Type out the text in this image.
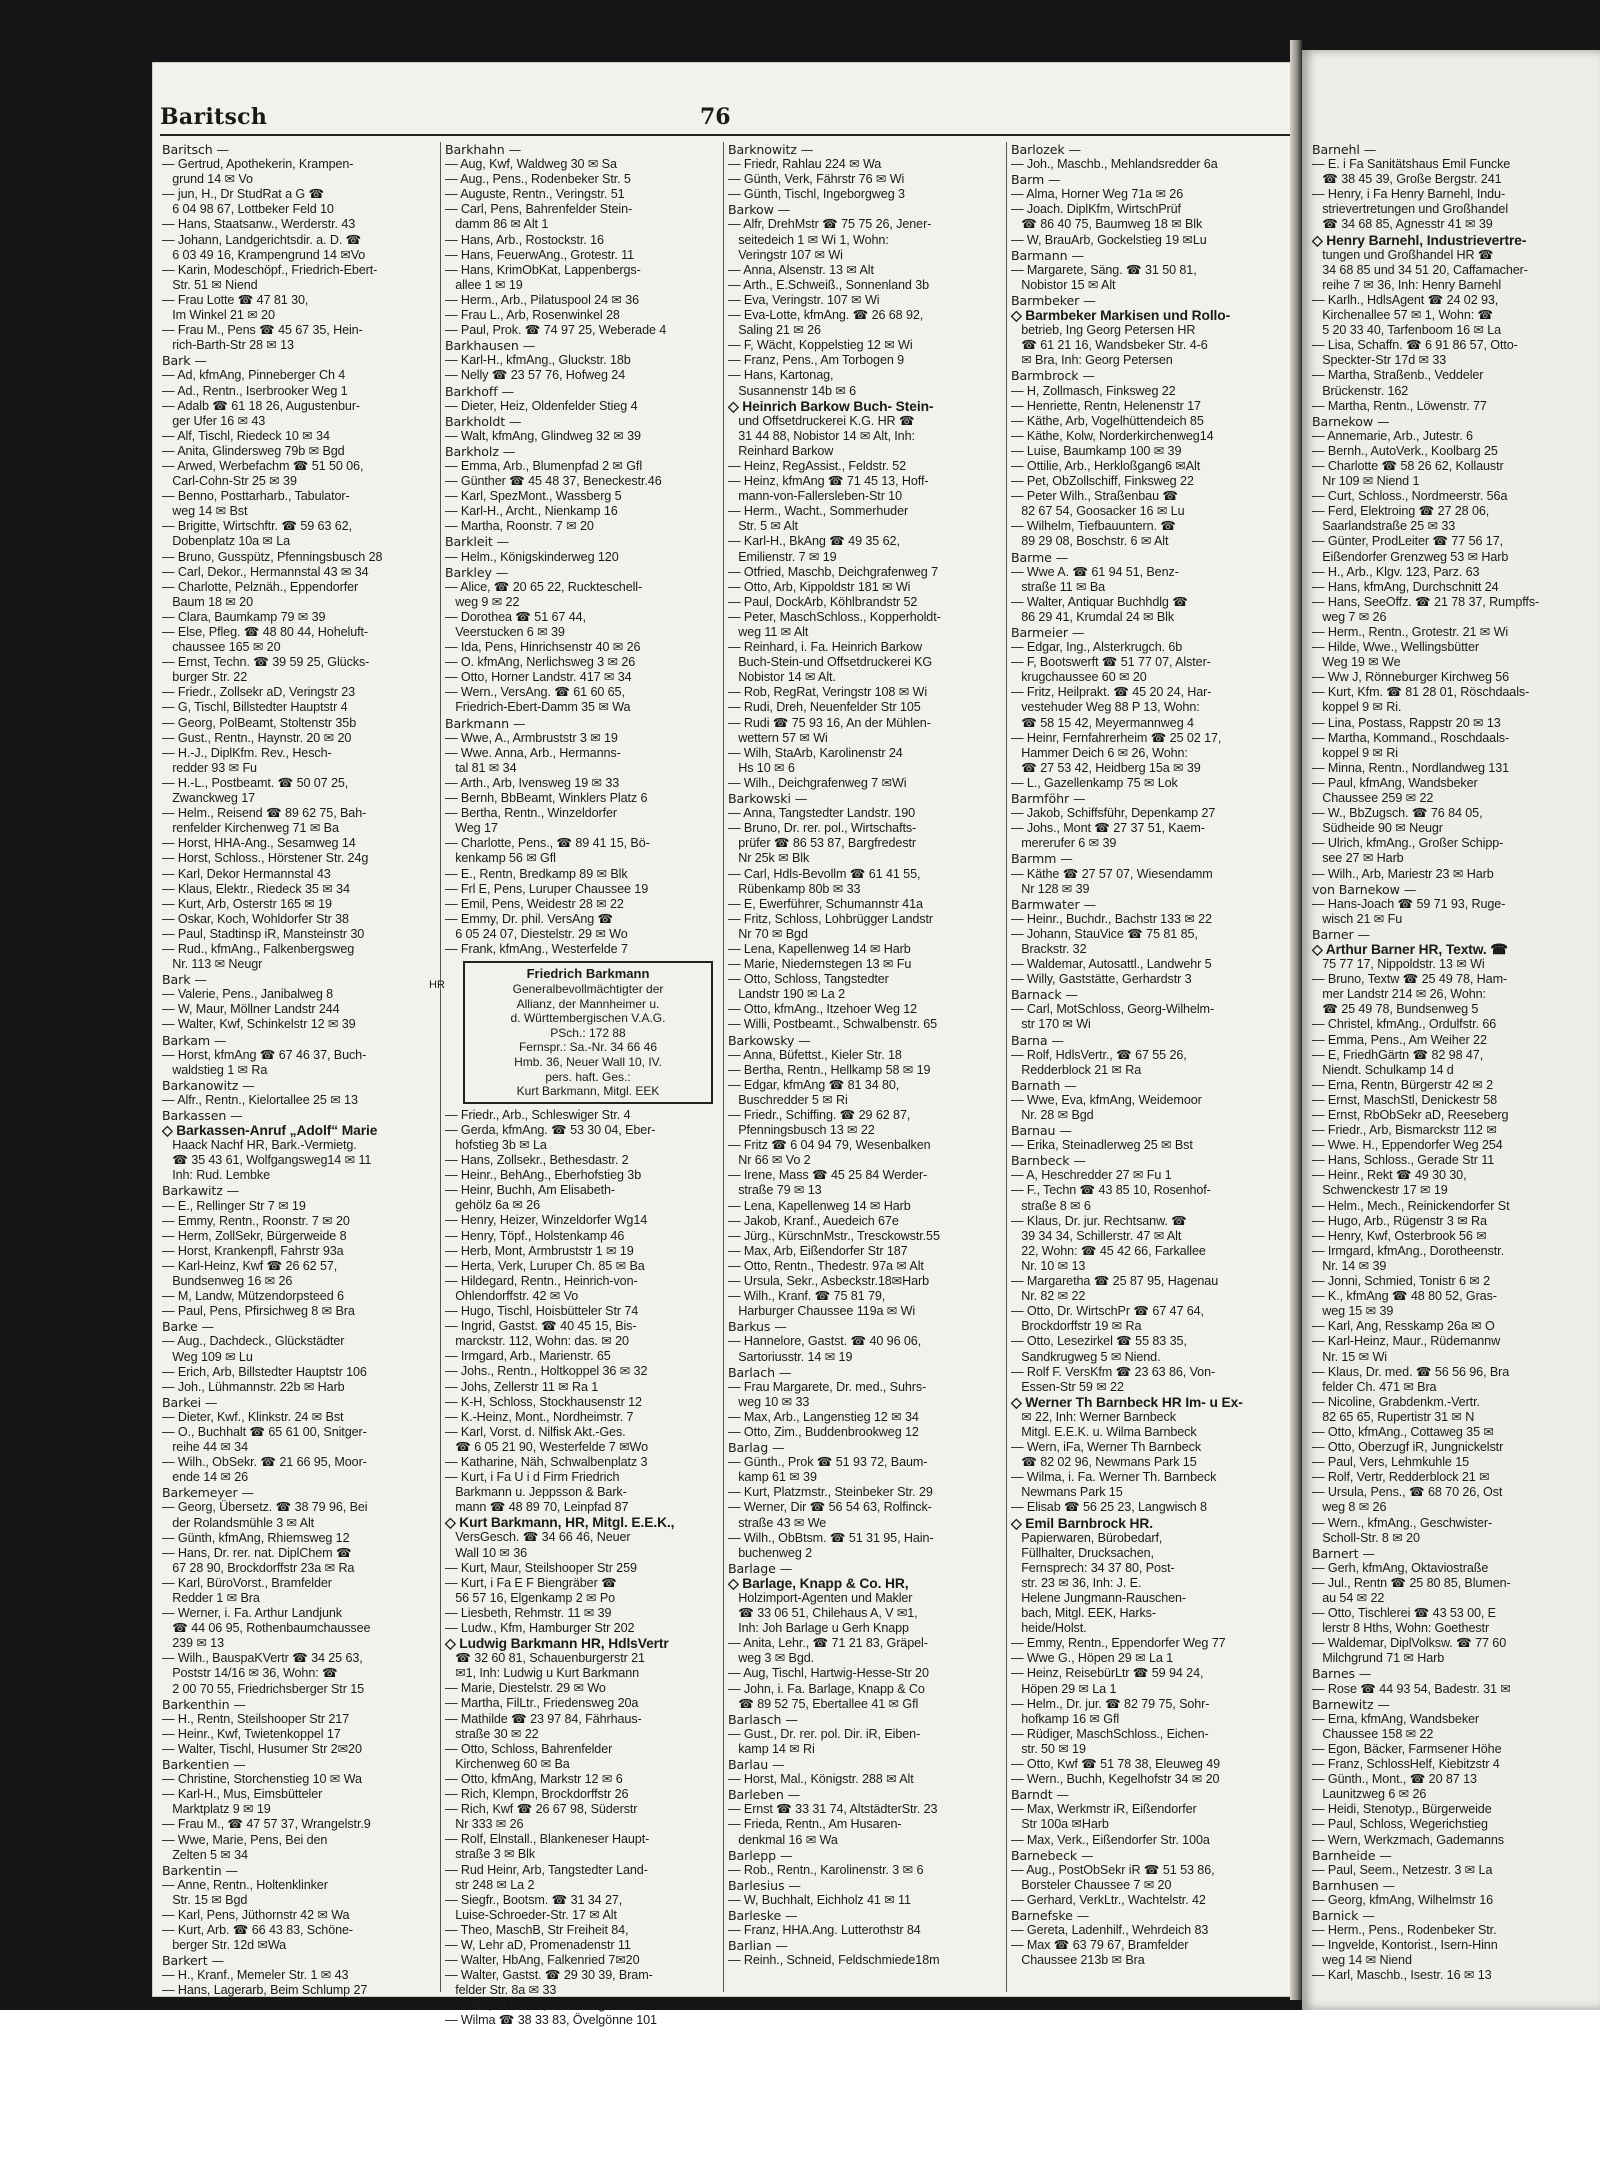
Barnehl —
— E. i Fa Sanitätshaus Emil Funcke
☎ 38 45 39, Große Bergstr. 241
— Henry, i Fa Henry Barnehl, Indu-
strievertretungen und Großhandel
☎ 34 68 85, Agnesstr 41 ✉ 39
◇ Henry Barnehl, Industrievertre-
tungen und Großhandel HR ☎
34 68 85 und 34 51 20, Caffamacher-
reihe 7 ✉ 36, Inh: Henry Barnehl
— Karlh., HdlsAgent ☎ 24 02 93,
Kirchenallee 57 ✉ 1, Wohn: ☎
5 20 33 40, Tarfenboom 16 ✉ La
— Lisa, Schaffn. ☎ 6 91 86 57, Otto-
Speckter-Str 17d ✉ 33
— Martha, Straßenb., Veddeler
Brückenstr. 162
— Martha, Rentn., Löwenstr. 77
Barnekow —
— Annemarie, Arb., Jutestr. 6
— Bernh., AutoVerk., Koolbarg 25
— Charlotte ☎ 58 26 62, Kollaustr
Nr 109 ✉ Niend 1
— Curt, Schloss., Nordmeerstr. 56a
— Ferd, Elektroing ☎ 27 28 06,
Saarlandstraße 25 ✉ 33
— Günter, ProdLeiter ☎ 77 56 17,
Eißendorfer Grenzweg 53 ✉ Harb
— H., Arb., Klgv. 123, Parz. 63
— Hans, kfmAng, Durchschnitt 24
— Hans, SeeOffz. ☎ 21 78 37, Rumpffs-
weg 7 ✉ 26
— Herm., Rentn., Grotestr. 21 ✉ Wi
— Hilde, Wwe., Wellingsbütter
Weg 19 ✉ We
— Ww J, Rönneburger Kirchweg 56
— Kurt, Kfm. ☎ 81 28 01, Röschdaals-
koppel 9 ✉ Ri.
— Lina, Postass, Rappstr 20 ✉ 13
— Martha, Kommand., Roschdaals-
koppel 9 ✉ Ri
— Minna, Rentn., Nordlandweg 131
— Paul, kfmAng, Wandsbeker
Chaussee 259 ✉ 22
— W., BbZugsch. ☎ 76 84 05,
Südheide 90 ✉ Neugr
— Ulrich, kfmAng., Großer Schipp-
see 27 ✉ Harb
— Wilh., Arb, Mariestr 23 ✉ Harb
von Barnekow —
— Hans-Joach ☎ 59 71 93, Ruge-
wisch 21 ✉ Fu
Barner —
◇ Arthur Barner HR, Textw. ☎
75 77 17, Nippoldstr. 13 ✉ Wi
— Bruno, Textw ☎ 25 49 78, Ham-
mer Landstr 214 ✉ 26, Wohn:
☎ 25 49 78, Bundsenweg 5
— Christel, kfmAng., Ordulfstr. 66
— Emma, Pens., Am Weiher 22
— E, FriedhGärtn ☎ 82 98 47,
Niendt. Schulkamp 14 d
— Erna, Rentn, Bürgerstr 42 ✉ 2
— Ernst, MaschStl, Denickestr 58
— Ernst, RbObSekr aD, Reeseberg
— Friedr., Arb, Bismarckstr 112 ✉
— Wwe. H., Eppendorfer Weg 254
— Hans, Schloss., Gerade Str 11
— Heinr., Rekt ☎ 49 30 30,
Schwenckestr 17 ✉ 19
— Helm., Mech., Reinickendorfer St
— Hugo, Arb., Rügenstr 3 ✉ Ra
— Henry, Kwf, Osterbrook 56 ✉
— Irmgard, kfmAng., Dorotheenstr.
Nr. 14 ✉ 39
— Jonni, Schmied, Tonistr 6 ✉ 2
— K., kfmAng ☎ 48 80 52, Gras-
weg 15 ✉ 39
— Karl, Ang, Resskamp 26a ✉ O
— Karl-Heinz, Maur., Rüdemannw
Nr. 15 ✉ Wi
— Klaus, Dr. med. ☎ 56 56 96, Bra
felder Ch. 471 ✉ Bra
— Nicoline, Grabdenkm.-Vertr.
82 65 65, Rupertistr 31 ✉ N
— Otto, kfmAng., Cottaweg 35 ✉
— Otto, Oberzugf iR, Jungnickelstr
— Paul, Vers, Lehmkuhle 15
— Rolf, Vertr, Redderblock 21 ✉
— Ursula, Pens., ☎ 68 70 26, Ost
weg 8 ✉ 26
— Wern., kfmAng., Geschwister-
Scholl-Str. 8 ✉ 20
Barnert —
— Gerh, kfmAng, Oktaviostraße
— Jul., Rentn ☎ 25 80 85, Blumen-
au 54 ✉ 22
— Otto, Tischlerei ☎ 43 53 00, E
lerstr 8 Hths, Wohn: Goethestr
— Waldemar, DiplVolksw. ☎ 77 60
Milchgrund 71 ✉ Harb
Barnes —
— Rose ☎ 44 93 54, Badestr. 31 ✉
Barnewitz —
— Erna, kfmAng, Wandsbeker
Chaussee 158 ✉ 22
— Egon, Bäcker, Farmsener Höhe
— Franz, SchlossHelf, Kiebitzstr 4
— Günth., Mont., ☎ 20 87 13
Launitzweg 6 ✉ 26
— Heidi, Stenotyp., Bürgerweide
— Paul, Schloss, Wegerichstieg
— Wern, Werkzmach, Gademanns
Barnheide —
— Paul, Seem., Netzestr. 3 ✉ La
Barnhusen —
— Georg, kfmAng, Wilhelmstr 16
Barnick —
— Herm., Pens., Rodenbeker Str.
— Ingvelde, Kontorist., Isern-Hinn
weg 14 ✉ Niend
— Karl, Maschb., Isestr. 16 ✉ 13
Baritsch	76
Baritsch —
— Gertrud, Apothekerin, Krampen-
grund 14 ✉ Vo
— jun, H., Dr StudRat a G ☎
6 04 98 67, Lottbeker Feld 10
— Hans, Staatsanw., Werderstr. 43
— Johann, Landgerichtsdir. a. D. ☎
6 03 49 16, Krampengrund 14 ✉Vo
— Karin, Modeschöpf., Friedrich-Ebert-
Str. 51 ✉ Niend
— Frau Lotte ☎ 47 81 30,
Im Winkel 21 ✉ 20
— Frau M., Pens ☎ 45 67 35, Hein-
rich-Barth-Str 28 ✉ 13
Bark —
— Ad, kfmAng, Pinneberger Ch 4
— Ad., Rentn., Iserbrooker Weg 1
— Adalb ☎ 61 18 26, Augustenbur-
ger Ufer 16 ✉ 43
— Alf, Tischl, Riedeck 10 ✉ 34
— Anita, Glindersweg 79b ✉ Bgd
— Arwed, Werbefachm ☎ 51 50 06,
Carl-Cohn-Str 25 ✉ 39
— Benno, Posttarharb., Tabulator-
weg 14 ✉ Bst
— Brigitte, Wirtschftr. ☎ 59 63 62,
Dobenplatz 10a ✉ La
— Bruno, Gusspütz, Pfenningsbusch 28
— Carl, Dekor., Hermannstal 43 ✉ 34
— Charlotte, Pelznäh., Eppendorfer
Baum 18 ✉ 20
— Clara, Baumkamp 79 ✉ 39
— Else, Pfleg. ☎ 48 80 44, Hoheluft-
chaussee 165 ✉ 20
— Ernst, Techn. ☎ 39 59 25, Glücks-
burger Str. 22
— Friedr., Zollsekr aD, Veringstr 23
— G, Tischl, Billstedter Hauptstr 4
— Georg, PolBeamt, Stoltenstr 35b
— Gust., Rentn., Haynstr. 20 ✉ 20
— H.-J., DiplKfm. Rev., Hesch-
redder 93 ✉ Fu
— H.-L., Postbeamt. ☎ 50 07 25,
Zwanckweg 17
— Helm., Reisend ☎ 89 62 75, Bah-
renfelder Kirchenweg 71 ✉ Ba
— Horst, HHA-Ang., Sesamweg 14
— Horst, Schloss., Hörstener Str. 24g
— Karl, Dekor Hermannstal 43
— Klaus, Elektr., Riedeck 35 ✉ 34
— Kurt, Arb, Osterstr 165 ✉ 19
— Oskar, Koch, Wohldorfer Str 38
— Paul, Stadtinsp iR, Mansteinstr 30
— Rud., kfmAng., Falkenbergsweg
Nr. 113 ✉ Neugr
Bark —
— Valerie, Pens., Janibalweg 8
— W, Maur, Möllner Landstr 244
— Walter, Kwf, Schinkelstr 12 ✉ 39
Barkam —
— Horst, kfmAng ☎ 67 46 37, Buch-
waldstieg 1 ✉ Ra
Barkanowitz —
— Alfr., Rentn., Kielortallee 25 ✉ 13
Barkassen —
◇ Barkassen-Anruf „Adolf“ Marie
Haack Nachf HR, Bark.-Vermietg.
☎ 35 43 61, Wolfgangsweg14 ✉ 11
Inh: Rud. Lembke
Barkawitz —
— E., Rellinger Str 7 ✉ 19
— Emmy, Rentn., Roonstr. 7 ✉ 20
— Herm, ZollSekr, Bürgerweide 8
— Horst, Krankenpfl, Fahrstr 93a
— Karl-Heinz, Kwf ☎ 26 62 57,
Bundsenweg 16 ✉ 26
— M, Landw, Mützendorpsteed 6
— Paul, Pens, Pfirsichweg 8 ✉ Bra
Barke —
— Aug., Dachdeck., Glückstädter
Weg 109 ✉ Lu
— Erich, Arb, Billstedter Hauptstr 106
— Joh., Lühmannstr. 22b ✉ Harb
Barkei —
— Dieter, Kwf., Klinkstr. 24 ✉ Bst
— O., Buchhalt ☎ 65 61 00, Snitger-
reihe 44 ✉ 34
— Wilh., ObSekr. ☎ 21 66 95, Moor-
ende 14 ✉ 26
Barkemeyer —
— Georg, Übersetz. ☎ 38 79 96, Bei
der Rolandsmühle 3 ✉ Alt
— Günth, kfmAng, Rhiemsweg 12
— Hans, Dr. rer. nat. DiplChem ☎
67 28 90, Brockdorffstr 23a ✉ Ra
— Karl, BüroVorst., Bramfelder
Redder 1 ✉ Bra
— Werner, i. Fa. Arthur Landjunk
☎ 44 06 95, Rothenbaumchaussee
239 ✉ 13
— Wilh., BauspaKVertr ☎ 34 25 63,
Poststr 14/16 ✉ 36, Wohn: ☎
2 00 70 55, Friedrichsberger Str 15
Barkenthin —
— H., Rentn, Steilshooper Str 217
— Heinr., Kwf, Twietenkoppel 17
— Walter, Tischl, Husumer Str 2✉20
Barkentien —
— Christine, Storchenstieg 10 ✉ Wa
— Karl-H., Mus, Eimsbütteler
Marktplatz 9 ✉ 19
— Frau M., ☎ 47 57 37, Wrangelstr.9
— Wwe, Marie, Pens, Bei den
Zelten 5 ✉ 34
Barkentin —
— Anne, Rentn., Holtenklinker
Str. 15 ✉ Bgd
— Karl, Pens, Jüthornstr 42 ✉ Wa
— Kurt, Arb. ☎ 66 43 83, Schöne-
berger Str. 12d ✉Wa
Barkert —
— H., Kranf., Memeler Str. 1 ✉ 43
— Hans, Lagerarb, Beim Schlump 27
✉ 13
Barkhahn —
— Aug, Kwf, Waldweg 30 ✉ Sa
— Aug., Pens., Rodenbeker Str. 5
— Auguste, Rentn., Veringstr. 51
— Carl, Pens, Bahrenfelder Stein-
damm 86 ✉ Alt 1
— Hans, Arb., Rostockstr. 16
— Hans, FeuerwAng., Grotestr. 11
— Hans, KrimObKat, Lappenbergs-
allee 1 ✉ 19
— Herm., Arb., Pilatuspool 24 ✉ 36
— Frau L., Arb, Rosenwinkel 28
— Paul, Prok. ☎ 74 97 25, Weberade 4
Barkhausen —
— Karl-H., kfmAng., Gluckstr. 18b
— Nelly ☎ 23 57 76, Hofweg 24
Barkhoff —
— Dieter, Heiz, Oldenfelder Stieg 4
Barkholdt —
— Walt, kfmAng, Glindweg 32 ✉ 39
Barkholz —
— Emma, Arb., Blumenpfad 2 ✉ Gfl
— Günther ☎ 45 48 37, Beneckestr.46
— Karl, SpezMont., Wassberg 5
— Karl-H., Archt., Nienkamp 16
— Martha, Roonstr. 7 ✉ 20
Barkleit —
— Helm., Königskinderweg 120
Barkley —
— Alice, ☎ 20 65 22, Ruckteschell-
weg 9 ✉ 22
— Dorothea ☎ 51 67 44,
Veerstucken 6 ✉ 39
— Ida, Pens, Hinrichsenstr 40 ✉ 26
— O. kfmAng, Nerlichsweg 3 ✉ 26
— Otto, Horner Landstr. 417 ✉ 34
— Wern., VersAng. ☎ 61 60 65,
Friedrich-Ebert-Damm 35 ✉ Wa
Barkmann —
— Wwe, A., Armbruststr 3 ✉ 19
— Wwe. Anna, Arb., Hermanns-
tal 81 ✉ 34
— Arth., Arb, Ivensweg 19 ✉ 33
— Bernh, BbBeamt, Winklers Platz 6
— Bertha, Rentn., Winzeldorfer
Weg 17
— Charlotte, Pens., ☎ 89 41 15, Bö-
kenkamp 56 ✉ Gfl
— E., Rentn, Bredkamp 89 ✉ Blk
— Frl E, Pens, Luruper Chaussee 19
— Emil, Pens, Weidestr 28 ✉ 22
— Emmy, Dr. phil. VersAng ☎
6 05 24 07, Diestelstr. 29 ✉ Wo
— Frank, kfmAng., Westerfelde 7
HR
Friedrich Barkmann
Generalbevollmächtigter der
Allianz, der Mannheimer u.
d. Württembergischen V.A.G.
PSch.: 172 88
Fernspr.: Sa.-Nr. 34 66 46
Hmb. 36, Neuer Wall 10, IV.
pers. haft. Ges.:
Kurt Barkmann, Mitgl. EEK
— Friedr., Arb., Schleswiger Str. 4
— Gerda, kfmAng. ☎ 53 30 04, Eber-
hofstieg 3b ✉ La
— Hans, Zollsekr., Bethesdastr. 2
— Heinr., BehAng., Eberhofstieg 3b
— Heinr, Buchh, Am Elisabeth-
gehölz 6a ✉ 26
— Henry, Heizer, Winzeldorfer Wg14
— Henry, Töpf., Holstenkamp 46
— Herb, Mont, Armbruststr 1 ✉ 19
— Herta, Verk, Luruper Ch. 85 ✉ Ba
— Hildegard, Rentn., Heinrich-von-
Ohlendorffstr. 42 ✉ Vo
— Hugo, Tischl, Hoisbütteler Str 74
— Ingrid, Gastst. ☎ 40 45 15, Bis-
marckstr. 112, Wohn: das. ✉ 20
— Irmgard, Arb., Marienstr. 65
— Johs., Rentn., Holtkoppel 36 ✉ 32
— Johs, Zellerstr 11 ✉ Ra 1
— K-H, Schloss, Stockhausenstr 12
— K.-Heinz, Mont., Nordheimstr. 7
— Karl, Vorst. d. Nilfisk Akt.-Ges.
☎ 6 05 21 90, Westerfelde 7 ✉Wo
— Katharine, Näh, Schwalbenplatz 3
— Kurt, i Fa U i d Firm Friedrich
Barkmann u. Jeppsson & Bark-
mann ☎ 48 89 70, Leinpfad 87
◇ Kurt Barkmann, HR, Mitgl. E.E.K.,
VersGesch. ☎ 34 66 46, Neuer
Wall 10 ✉ 36
— Kurt, Maur, Steilshooper Str 259
— Kurt, i Fa E F Biengräber ☎
56 57 16, Elgenkamp 2 ✉ Po
— Liesbeth, Rehmstr. 11 ✉ 39
— Ludw., Kfm, Hamburger Str 202
◇ Ludwig Barkmann HR, HdlsVertr
☎ 32 60 81, Schauenburgerstr 21
✉1, Inh: Ludwig u Kurt Barkmann
— Marie, Diestelstr. 29 ✉ Wo
— Martha, FilLtr., Friedensweg 20a
— Mathilde ☎ 23 97 84, Fährhaus-
straße 30 ✉ 22
— Otto, Schloss, Bahrenfelder
Kirchenweg 60 ✉ Ba
— Otto, kfmAng, Markstr 12 ✉ 6
— Rich, Klempn, Brockdorffstr 26
— Rich, Kwf ☎ 26 67 98, Süderstr
Nr 333 ✉ 26
— Rolf, Elnstall., Blankeneser Haupt-
straße 3 ✉ Blk
— Rud Heinr, Arb, Tangstedter Land-
str 248 ✉ La 2
— Siegfr., Bootsm. ☎ 31 34 27,
Luise-Schroeder-Str. 17 ✉ Alt
— Theo, MaschB, Str Freiheit 84,
— W, Lehr aD, Promenadenstr 11
— Walter, HbAng, Falkenried 7✉20
— Walter, Gastst. ☎ 29 30 39, Bram-
felder Str. 8a ✉ 33
— Wilh., Schlacht, Schleswiger Str 4
— Wilma ☎ 38 33 83, Övelgönne 101
Barknowitz —
— Friedr, Rahlau 224 ✉ Wa
— Günth, Verk, Fährstr 76 ✉ Wi
— Günth, Tischl, Ingeborgweg 3
Barkow —
— Alfr, DrehMstr ☎ 75 75 26, Jener-
seitedeich 1 ✉ Wi 1, Wohn:
Veringstr 107 ✉ Wi
— Anna, Alsenstr. 13 ✉ Alt
— Arth., E.Schweiß., Sonnenland 3b
— Eva, Veringstr. 107 ✉ Wi
— Eva-Lotte, kfmAng. ☎ 26 68 92,
Saling 21 ✉ 26
— F, Wächt, Koppelstieg 12 ✉ Wi
— Franz, Pens., Am Torbogen 9
— Hans, Kartonag,
Susannenstr 14b ✉ 6
◇ Heinrich Barkow Buch- Stein-
und Offsetdruckerei K.G. HR ☎
31 44 88, Nobistor 14 ✉ Alt, Inh:
Reinhard Barkow
— Heinz, RegAssist., Feldstr. 52
— Heinz, kfmAng ☎ 71 45 13, Hoff-
mann-von-Fallersleben-Str 10
— Herm., Wacht., Sommerhuder
Str. 5 ✉ Alt
— Karl-H., BkAng ☎ 49 35 62,
Emilienstr. 7 ✉ 19
— Otfried, Maschb, Deichgrafenweg 7
— Otto, Arb, Kippoldstr 181 ✉ Wi
— Paul, DockArb, Köhlbrandstr 52
— Peter, MaschSchloss., Kopperholdt-
weg 11 ✉ Alt
— Reinhard, i. Fa. Heinrich Barkow
Buch-Stein-und Offsetdruckerei KG
Nobistor 14 ✉ Alt.
— Rob, RegRat, Veringstr 108 ✉ Wi
— Rudi, Dreh, Neuenfelder Str 105
— Rudi ☎ 75 93 16, An der Mühlen-
wettern 57 ✉ Wi
— Wilh, StaArb, Karolinenstr 24
Hs 10 ✉ 6
— Wilh., Deichgrafenweg 7 ✉Wi
Barkowski —
— Anna, Tangstedter Landstr. 190
— Bruno, Dr. rer. pol., Wirtschafts-
prüfer ☎ 86 53 87, Bargfredestr
Nr 25k ✉ Blk
— Carl, Hdls-Bevollm ☎ 61 41 55,
Rübenkamp 80b ✉ 33
— E, Ewerführer, Schumannstr 41a
— Fritz, Schloss, Lohbrügger Landstr
Nr 70 ✉ Bgd
— Lena, Kapellenweg 14 ✉ Harb
— Marie, Niedernstegen 13 ✉ Fu
— Otto, Schloss, Tangstedter
Landstr 190 ✉ La 2
— Otto, kfmAng., Itzehoer Weg 12
— Willi, Postbeamt., Schwalbenstr. 65
Barkowsky —
— Anna, Büfettst., Kieler Str. 18
— Bertha, Rentn., Hellkamp 58 ✉ 19
— Edgar, kfmAng ☎ 81 34 80,
Buschredder 5 ✉ Ri
— Friedr., Schiffing. ☎ 29 62 87,
Pfenningsbusch 13 ✉ 22
— Fritz ☎ 6 04 94 79, Wesenbalken
Nr 66 ✉ Vo 2
— Irene, Mass ☎ 45 25 84 Werder-
straße 79 ✉ 13
— Lena, Kapellenweg 14 ✉ Harb
— Jakob, Kranf., Auedeich 67e
— Jürg., KürschnMstr., Tresckowstr.55
— Max, Arb, Eißendorfer Str 187
— Otto, Rentn., Thedestr. 97a ✉ Alt
— Ursula, Sekr., Asbeckstr.18✉Harb
— Wilh., Kranf. ☎ 75 81 79,
Harburger Chaussee 119a ✉ Wi
Barkus —
— Hannelore, Gastst. ☎ 40 96 06,
Sartoriusstr. 14 ✉ 19
Barlach —
— Frau Margarete, Dr. med., Suhrs-
weg 10 ✉ 33
— Max, Arb., Langenstieg 12 ✉ 34
— Otto, Zim., Buddenbrookweg 12
Barlag —
— Günth., Prok ☎ 51 93 72, Baum-
kamp 61 ✉ 39
— Kurt, Platzmstr., Steinbeker Str. 29
— Werner, Dir ☎ 56 54 63, Rolfinck-
straße 43 ✉ We
— Wilh., ObBtsm. ☎ 51 31 95, Hain-
buchenweg 2
Barlage —
◇ Barlage, Knapp & Co. HR,
Holzimport-Agenten und Makler
☎ 33 06 51, Chilehaus A, V ✉1,
Inh: Joh Barlage u Gerh Knapp
— Anita, Lehr., ☎ 71 21 83, Gräpel-
weg 3 ✉ Bgd.
— Aug, Tischl, Hartwig-Hesse-Str 20
— John, i. Fa. Barlage, Knapp & Co
☎ 89 52 75, Ebertallee 41 ✉ Gfl
Barlasch —
— Gust., Dr. rer. pol. Dir. iR, Eiben-
kamp 14 ✉ Ri
Barlau —
— Horst, Mal., Königstr. 288 ✉ Alt
Barleben —
— Ernst ☎ 33 31 74, AltstädterStr. 23
— Frieda, Rentn., Am Husaren-
denkmal 16 ✉ Wa
Barlepp —
— Rob., Rentn., Karolinenstr. 3 ✉ 6
Barlesius —
— W, Buchhalt, Eichholz 41 ✉ 11
Barleske —
— Franz, HHA.Ang. Lutterothstr 84
Barlian —
— Reinh., Schneid, Feldschmiede18m
Barlozek —
— Joh., Maschb., Mehlandsredder 6a
Barm —
— Alma, Horner Weg 71a ✉ 26
— Joach. DiplKfm, WirtschPrüf
☎ 86 40 75, Baumweg 18 ✉ Blk
— W, BrauArb, Gockelstieg 19 ✉Lu
Barmann —
— Margarete, Säng. ☎ 31 50 81,
Nobistor 15 ✉ Alt
Barmbeker —
◇ Barmbeker Markisen und Rollo-
betrieb, Ing Georg Petersen HR
☎ 61 21 16, Wandsbeker Str. 4-6
✉ Bra, Inh: Georg Petersen
Barmbrock —
— H, Zollmasch, Finksweg 22
— Henriette, Rentn, Helenenstr 17
— Käthe, Arb, Vogelhüttendeich 85
— Käthe, Kolw, Norderkirchenweg14
— Luise, Baumkamp 100 ✉ 39
— Ottilie, Arb., Herkloßgang6 ✉Alt
— Pet, ObZollschiff, Finksweg 22
— Peter Wilh., Straßenbau ☎
82 67 54, Goosacker 16 ✉ Lu
— Wilhelm, Tiefbauuntern. ☎
89 29 08, Boschstr. 6 ✉ Alt
Barme —
— Wwe A. ☎ 61 94 51, Benz-
straße 11 ✉ Ba
— Walter, Antiquar Buchhdlg ☎
86 29 41, Krumdal 24 ✉ Blk
Barmeier —
— Edgar, Ing., Alsterkrugch. 6b
— F, Bootswerft ☎ 51 77 07, Alster-
krugchaussee 60 ✉ 20
— Fritz, Heilprakt. ☎ 45 20 24, Har-
vestehuder Weg 88 P 13, Wohn:
☎ 58 15 42, Meyermannweg 4
— Heinr, Fernfahrerheim ☎ 25 02 17,
Hammer Deich 6 ✉ 26, Wohn:
☎ 27 53 42, Heidberg 15a ✉ 39
— L., Gazellenkamp 75 ✉ Lok
Barmföhr —
— Jakob, Schiffsführ, Depenkamp 27
— Johs., Mont ☎ 27 37 51, Kaem-
mererufer 6 ✉ 39
Barmm —
— Käthe ☎ 27 57 07, Wiesendamm
Nr 128 ✉ 39
Barmwater —
— Heinr., Buchdr., Bachstr 133 ✉ 22
— Johann, StauVice ☎ 75 81 85,
Brackstr. 32
— Waldemar, Autosattl., Landwehr 5
— Willy, Gaststätte, Gerhardstr 3
Barnack —
— Carl, MotSchloss, Georg-Wilhelm-
str 170 ✉ Wi
Barna —
— Rolf, HdlsVertr., ☎ 67 55 26,
Redderblock 21 ✉ Ra
Barnath —
— Wwe, Eva, kfmAng, Weidemoor
Nr. 28 ✉ Bgd
Barnau —
— Erika, Steinadlerweg 25 ✉ Bst
Barnbeck —
— A, Heschredder 27 ✉ Fu 1
— F., Techn ☎ 43 85 10, Rosenhof-
straße 8 ✉ 6
— Klaus, Dr. jur. Rechtsanw. ☎
39 34 34, Schillerstr. 47 ✉ Alt
22, Wohn: ☎ 45 42 66, Farkallee
Nr. 10 ✉ 13
— Margaretha ☎ 25 87 95, Hagenau
Nr. 82 ✉ 22
— Otto, Dr. WirtschPr ☎ 67 47 64,
Brockdorffstr 19 ✉ Ra
— Otto, Lesezirkel ☎ 55 83 35,
Sandkrugweg 5 ✉ Niend.
— Rolf F. VersKfm ☎ 23 63 86, Von-
Essen-Str 59 ✉ 22
◇ Werner Th Barnbeck HR Im- u Ex-
✉ 22, Inh: Werner Barnbeck
Mitgl. E.E.K. u. Wilma Barnbeck
— Wern, iFa, Werner Th Barnbeck
☎ 82 02 96, Newmans Park 15
— Wilma, i. Fa. Werner Th. Barnbeck
Newmans Park 15
— Elisab ☎ 56 25 23, Langwisch 8
◇ Emil Barnbrock HR.
Papierwaren, Bürobedarf,
Füllhalter, Drucksachen,
Fernsprech: 34 37 80, Post-
str. 23 ✉ 36, Inh: J. E.
Helene Jungmann-Rauschen-
bach, Mitgl. EEK, Harks-
heide/Holst.
— Emmy, Rentn., Eppendorfer Weg 77
— Wwe G., Höpen 29 ✉ La 1
— Heinz, ReisebürLtr ☎ 59 94 24,
Höpen 29 ✉ La 1
— Helm., Dr. jur. ☎ 82 79 75, Sohr-
hofkamp 16 ✉ Gfl
— Rüdiger, MaschSchloss., Eichen-
str. 50 ✉ 19
— Otto, Kwf ☎ 51 78 38, Eleuweg 49
— Wern., Buchh, Kegelhofstr 34 ✉ 20
Barndt —
— Max, Werkmstr iR, Eißendorfer
Str 100a ✉Harb
— Max, Verk., Eißendorfer Str. 100a
Barnebeck —
— Aug., PostObSekr iR ☎ 51 53 86,
Borsteler Chaussee 7 ✉ 20
— Gerhard, VerkLtr., Wachtelstr. 42
Barnefske —
— Gereta, Ladenhilf., Wehrdeich 83
— Max ☎ 63 79 67, Bramfelder
Chaussee 213b ✉ Bra
